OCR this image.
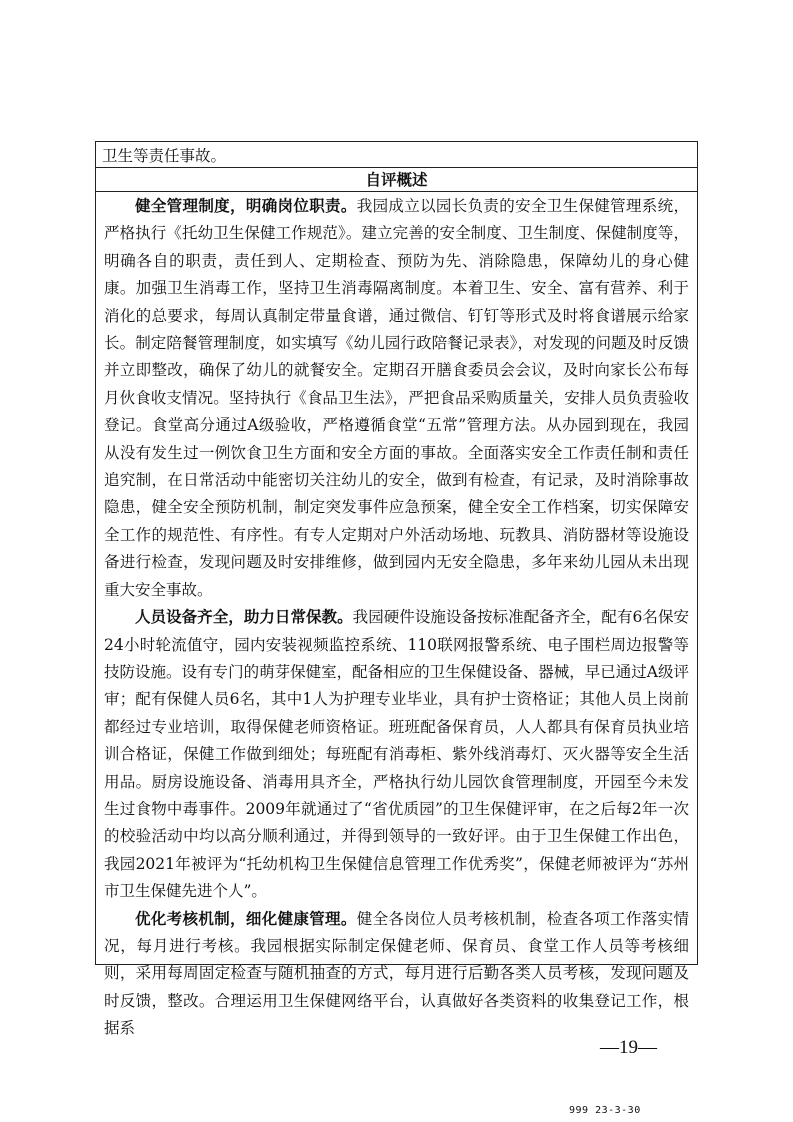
卫生等责任事故。
自评概述

健全管理制度，明确岗位职责。我园成立以园长负责的安全卫生保健管理系统，严格执行《托幼卫生保健工作规范》。建立完善的安全制度、卫生制度、保健制度等，明确各自的职责，责任到人、定期检查、预防为先、消除隐患，保障幼儿的身心健康。加强卫生消毒工作，坚持卫生消毒隔离制度。本着卫生、安全、富有营养、利于消化的总要求，每周认真制定带量食谱，通过微信、钉钉等形式及时将食谱展示给家长。制定陪餐管理制度，如实填写《幼儿园行政陪餐记录表》，对发现的问题及时反馈并立即整改，确保了幼儿的就餐安全。定期召开膳食委员会会议，及时向家长公布每月伙食收支情况。坚持执行《食品卫生法》，严把食品采购质量关，安排人员负责验收登记。食堂高分通过A级验收，严格遵循食堂“五常”管理方法。从办园到现在，我园从没有发生过一例饮食卫生方面和安全方面的事故。全面落实安全工作责任制和责任追究制，在日常活动中能密切关注幼儿的安全，做到有检查，有记录，及时消除事故隐患，健全安全预防机制，制定突发事件应急预案，健全安全工作档案，切实保障安全工作的规范性、有序性。有专人定期对户外活动场地、玩教具、消防器材等设施设备进行检查，发现问题及时安排维修，做到园内无安全隐患，多年来幼儿园从未出现重大安全事故。

人员设备齐全，助力日常保教。我园硬件设施设备按标准配备齐全，配有6名保安24小时轮流值守，园内安装视频监控系统、110联网报警系统、电子围栏周边报警等技防设施。设有专门的萌芽保健室，配备相应的卫生保健设备、器械，早已通过A级评审；配有保健人员6名，其中1人为护理专业毕业，具有护士资格证；其他人员上岗前都经过专业培训，取得保健老师资格证。班班配备保育员，人人都具有保育员执业培训合格证，保健工作做到细处；每班配有消毒柜、紫外线消毒灯、灭火器等安全生活用品。厨房设施设备、消毒用具齐全，严格执行幼儿园饮食管理制度，开园至今未发生过食物中毒事件。2009年就通过了“省优质园”的卫生保健评审，在之后每2年一次的校验活动中均以高分顺利通过，并得到领导的一致好评。由于卫生保健工作出色，我园2021年被评为“托幼机构卫生保健信息管理工作优秀奖”，保健老师被评为“苏州市卫生保健先进个人”。

优化考核机制，细化健康管理。健全各岗位人员考核机制，检查各项工作落实情况，每月进行考核。我园根据实际制定保健老师、保育员、食堂工作人员等考核细则，采用每周固定检查与随机抽查的方式，每月进行后勤各类人员考核，发现问题及时反馈，整改。合理运用卫生保健网络平台，认真做好各类资料的收集登记工作，根据系

—19—
999 23-3-30
